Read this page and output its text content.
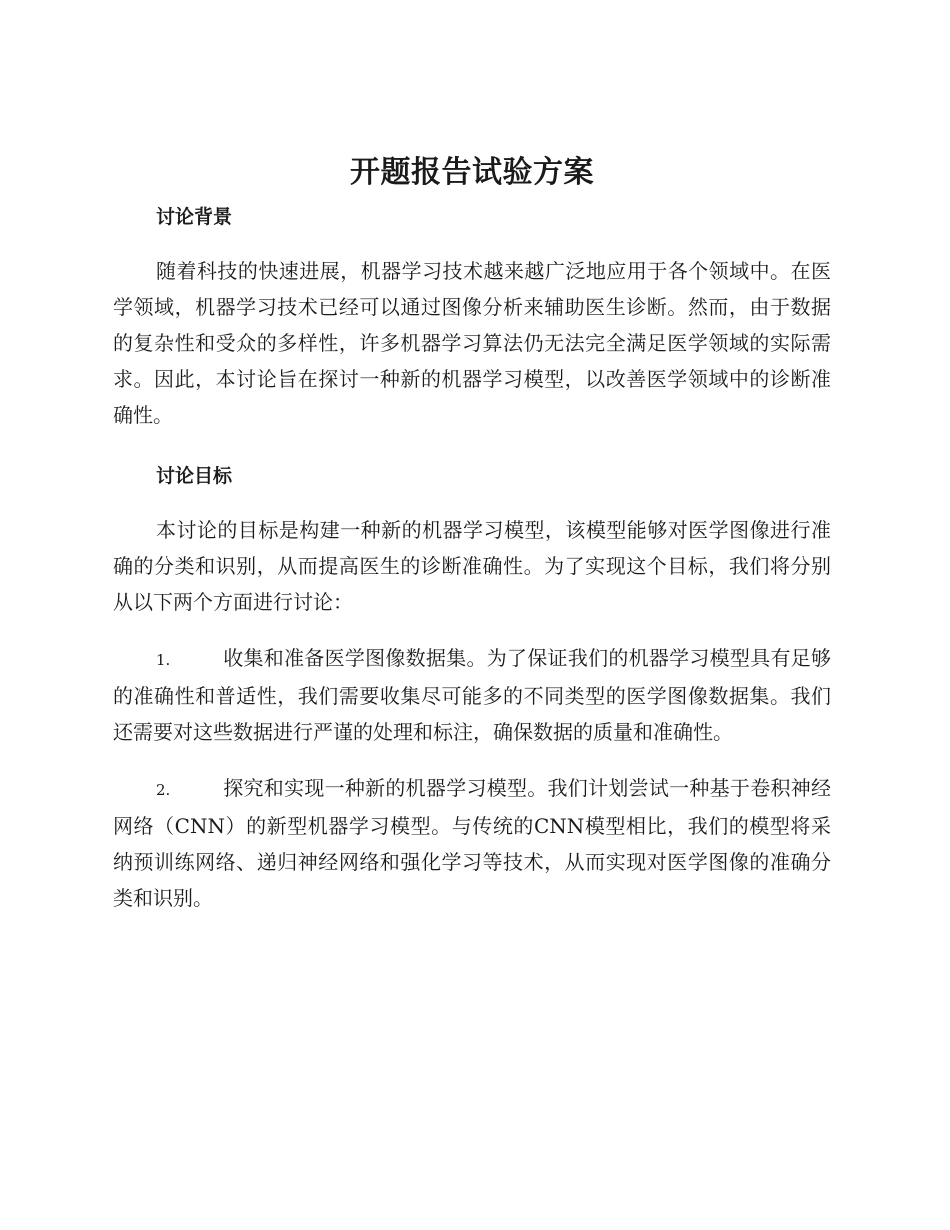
开题报告试验方案
讨论背景

随着科技的快速进展，机器学习技术越来越广泛地应用于各个领域中。在医学领域，机器学习技术已经可以通过图像分析来辅助医生诊断。然而，由于数据的复杂性和受众的多样性，许多机器学习算法仍无法完全满足医学领域的实际需求。因此，本讨论旨在探讨一种新的机器学习模型，以改善医学领域中的诊断准确性。

讨论目标

本讨论的目标是构建一种新的机器学习模型，该模型能够对医学图像进行准确的分类和识别，从而提高医生的诊断准确性。为了实现这个目标，我们将分别从以下两个方面进行讨论：

1.	收集和准备医学图像数据集。为了保证我们的机器学习模型具有足够的准确性和普适性，我们需要收集尽可能多的不同类型的医学图像数据集。我们还需要对这些数据进行严谨的处理和标注，确保数据的质量和准确性。

2.	探究和实现一种新的机器学习模型。我们计划尝试一种基于卷积神经网络（CNN）的新型机器学习模型。与传统的CNN模型相比，我们的模型将采纳预训练网络、递归神经网络和强化学习等技术，从而实现对医学图像的准确分类和识别。
